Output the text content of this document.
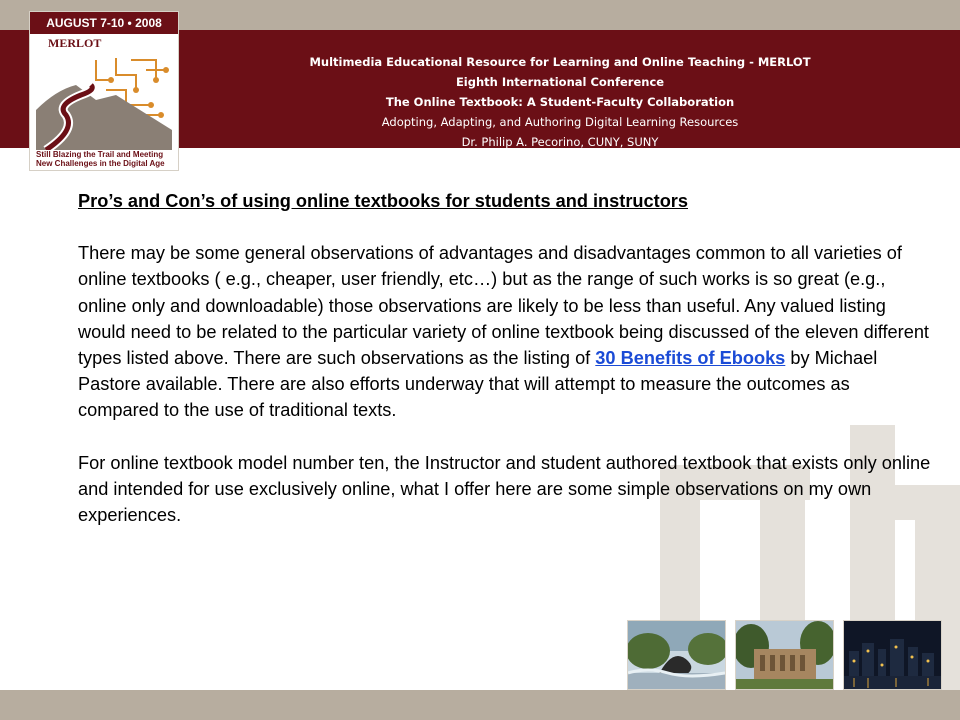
AUGUST 7-10 • 2008
MERLOT
Still Blazing the Trail and Meeting
New Challenges in the Digital Age
Multimedia Educational Resource for Learning and Online Teaching - MERLOT
Eighth International Conference
The Online Textbook: A Student-Faculty Collaboration
Adopting, Adapting, and Authoring Digital Learning Resources
Dr. Philip A. Pecorino, CUNY, SUNY
Pro’s and Con’s of using online textbooks for students and instructors
There may be some general observations of advantages and disadvantages common to all varieties of online textbooks ( e.g., cheaper, user friendly, etc…) but as the range of such works is so great (e.g., online only and downloadable) those observations are likely to be less than useful. Any valued listing would need to be related to the particular variety of online textbook being discussed of the eleven different types listed above. There are such observations as the listing of 30 Benefits of Ebooks by Michael Pastore available. There are also efforts underway that will attempt to measure the outcomes as compared to the use of traditional texts.
For online textbook model number ten, the Instructor and student authored textbook that exists only online and intended for use exclusively online, what I offer here are some simple observations on my own experiences.
